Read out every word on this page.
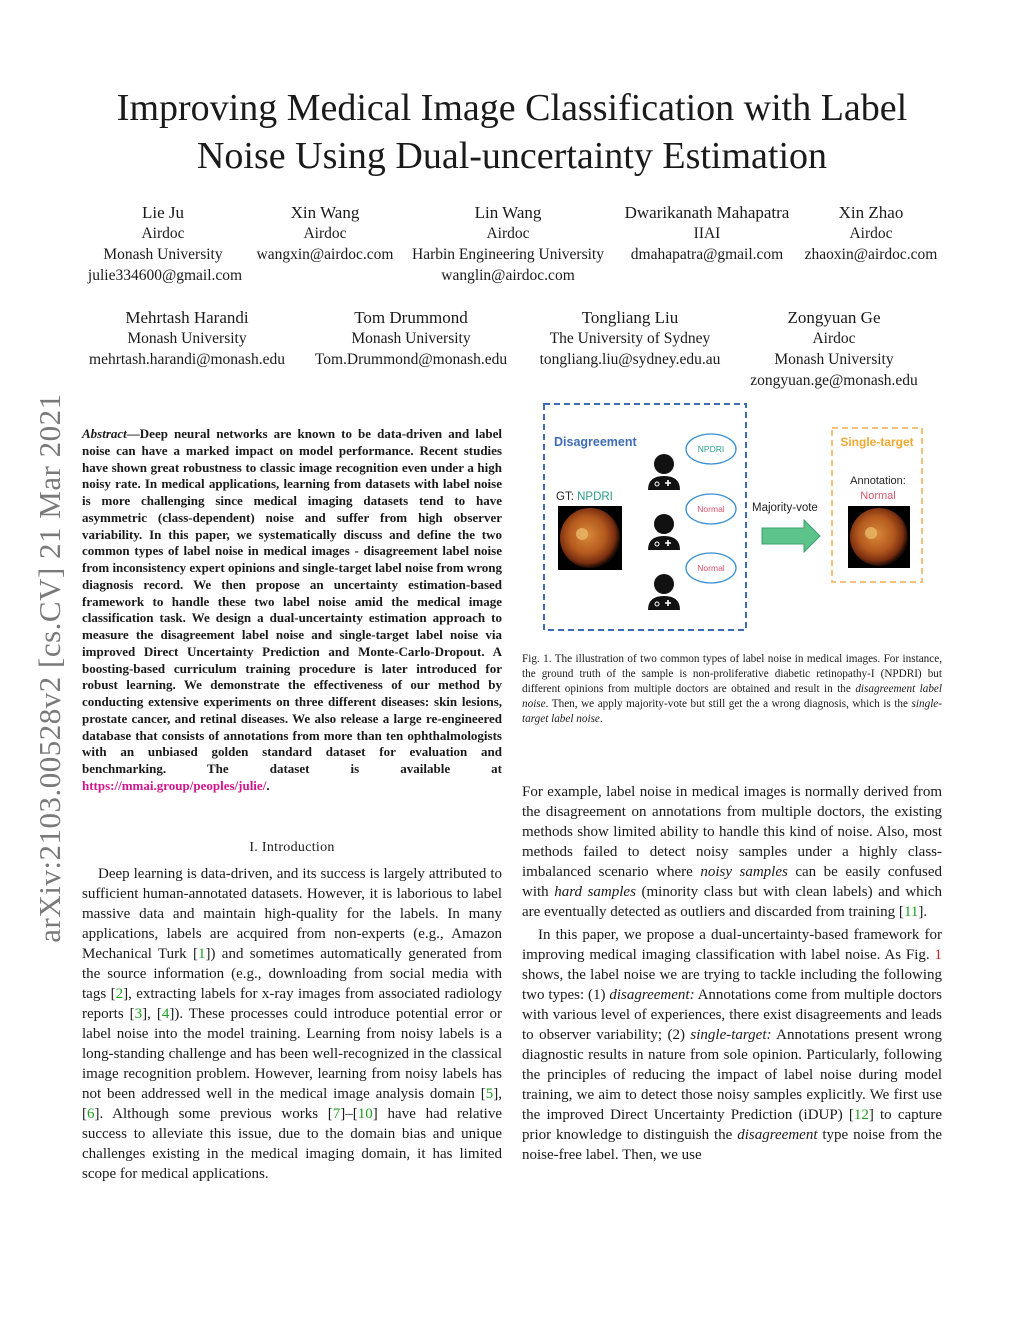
Improving Medical Image Classification with Label
Noise Using Dual-uncertainty Estimation
Lie Ju
Airdoc
Monash University
julie334600@gmail.com
Xin Wang
Airdoc
wangxin@airdoc.com
Lin Wang
Airdoc
Harbin Engineering University
wanglin@airdoc.com
Dwarikanath Mahapatra
IIAI
dmahapatra@gmail.com
Xin Zhao
Airdoc
zhaoxin@airdoc.com
Mehrtash Harandi
Monash University
mehrtash.harandi@monash.edu
Tom Drummond
Monash University
Tom.Drummond@monash.edu
Tongliang Liu
The University of Sydney
tongliang.liu@sydney.edu.au
Zongyuan Ge
Airdoc
Monash University
zongyuan.ge@monash.edu
arXiv:2103.00528v2 [cs.CV] 21 Mar 2021 Abstract—Deep neural networks are known to be data-driven and label noise can have a marked impact on model performance. Recent studies have shown great robustness to classic image recognition even under a high noisy rate. In medical applications, learning from datasets with label noise is more challenging since medical imaging datasets tend to have asymmetric (class-dependent) noise and suffer from high observer variability. In this paper, we systematically discuss and define the two common types of label noise in medical images - disagreement label noise from inconsistency expert opinions and single-target label noise from wrong diagnosis record. We then propose an uncertainty estimation-based framework to handle these two label noise amid the medical image classification task. We design a dual-uncertainty estimation approach to measure the disagreement label noise and single-target label noise via improved Direct Uncertainty Prediction and Monte-Carlo-Dropout. A boosting-based curriculum training procedure is later introduced for robust learning. We demonstrate the effectiveness of our method by conducting extensive experiments on three different diseases: skin lesions, prostate cancer, and retinal diseases. We also release a large re-engineered database that consists of annotations from more than ten ophthalmologists with an unbiased golden standard dataset for evaluation and benchmarking. The dataset is available at https://mmai.group/peoples/julie/.
I. Introduction

Deep learning is data-driven, and its success is largely attributed to sufficient human-annotated datasets. However, it is laborious to label massive data and maintain high-quality for the labels. In many applications, labels are acquired from non-experts (e.g., Amazon Mechanical Turk [1]) and sometimes automatically generated from the source information (e.g., downloading from social media with tags [2], extracting labels for x-ray images from associated radiology reports [3], [4]). These processes could introduce potential error or label noise into the model training. Learning from noisy labels is a long-standing challenge and has been well-recognized in the classical image recognition problem. However, learning from noisy labels has not been addressed well in the medical image analysis domain [5], [6]. Although some previous works [7]–[10] have had relative success to alleviate this issue, due to the domain bias and unique challenges existing in the medical imaging domain, it has limited scope for medical applications.

Disagreement
GT: NPDRI
NPDRI
Normal
Normal
Majority-vote
Single-target
Annotation:
Normal
Fig. 1. The illustration of two common types of label noise in medical images. For instance, the ground truth of the sample is non-proliferative diabetic retinopathy-I (NPDRI) but different opinions from multiple doctors are obtained and result in the disagreement label noise. Then, we apply majority-vote but still get the a wrong diagnosis, which is the single-target label noise.

For example, label noise in medical images is normally derived from the disagreement on annotations from multiple doctors, the existing methods show limited ability to handle this kind of noise. Also, most methods failed to detect noisy samples under a highly class-imbalanced scenario where noisy samples can be easily confused with hard samples (minority class but with clean labels) and which are eventually detected as outliers and discarded from training [11].

In this paper, we propose a dual-uncertainty-based framework for improving medical imaging classification with label noise. As Fig. 1 shows, the label noise we are trying to tackle including the following two types: (1) disagreement: Annotations come from multiple doctors with various level of experiences, there exist disagreements and leads to observer variability; (2) single-target: Annotations present wrong diagnostic results in nature from sole opinion. Particularly, following the principles of reducing the impact of label noise during model training, we aim to detect those noisy samples explicitly. We first use the improved Direct Uncertainty Prediction (iDUP) [12] to capture prior knowledge to distinguish the disagreement type noise from the noise-free label. Then, we use
